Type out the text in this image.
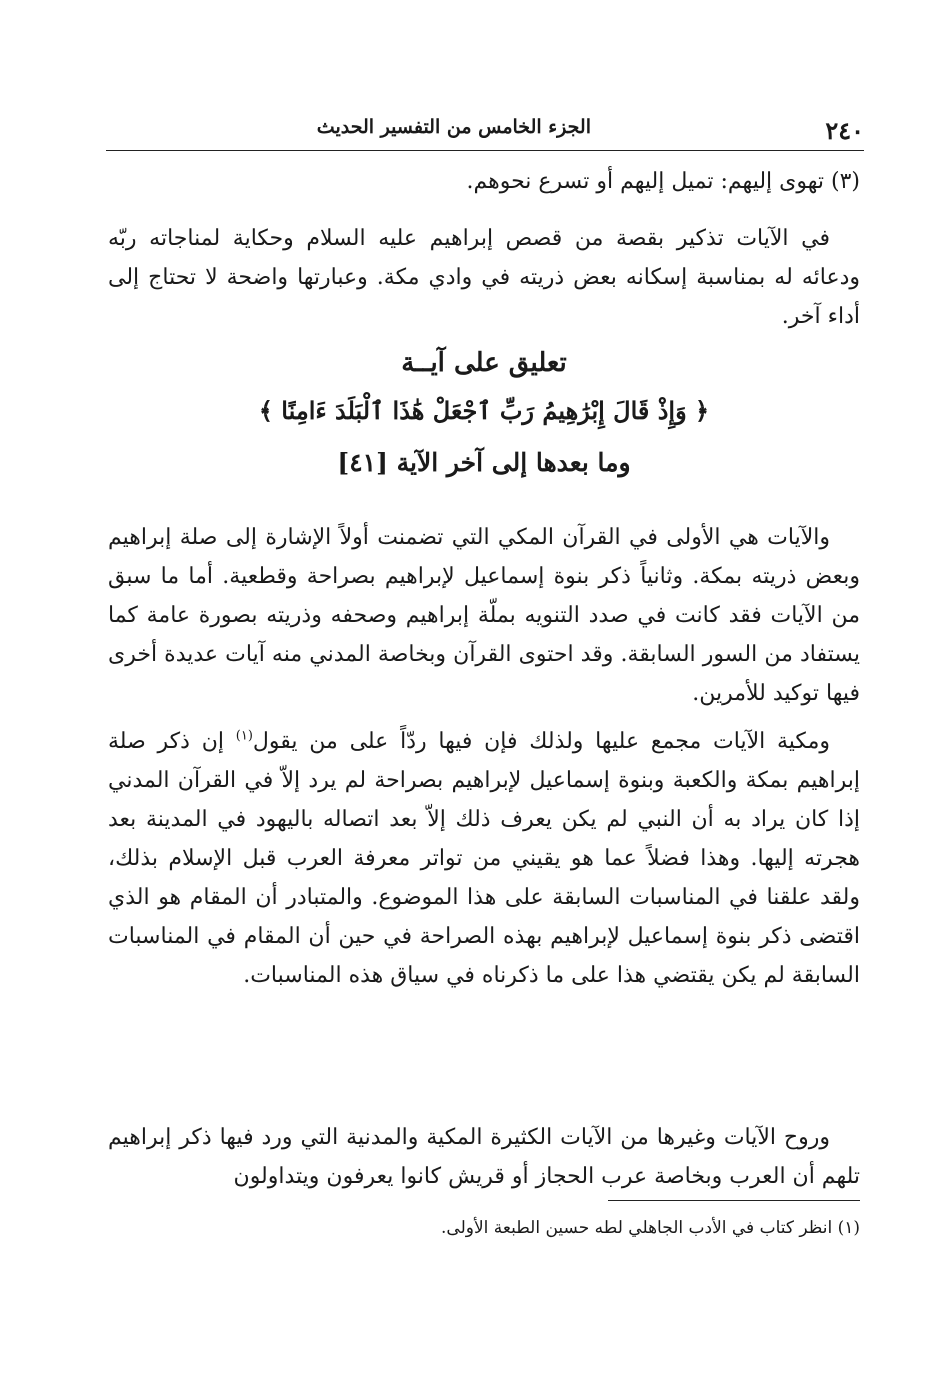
٢٤٠
الجزء الخامس من التفسير الحديث
(٣) تهوى إليهم: تميل إليهم أو تسرع نحوهم.
في الآيات تذكير بقصة من قصص إبراهيم عليه السلام وحكاية لمناجاته ربّه ودعائه له بمناسبة إسكانه بعض ذريته في وادي مكة. وعبارتها واضحة لا تحتاج إلى أداء آخر.
تعليق على آيــة
﴿ وَإِذْ قَالَ إِبْرَٰهِيمُ رَبِّ ٱجْعَلْ هَٰذَا ٱلْبَلَدَ ءَامِنًا ﴾
وما بعدها إلى آخر الآية [٤١]
والآيات هي الأولى في القرآن المكي التي تضمنت أولاً الإشارة إلى صلة إبراهيم وبعض ذريته بمكة. وثانياً ذكر بنوة إسماعيل لإبراهيم بصراحة وقطعية. أما ما سبق من الآيات فقد كانت في صدد التنويه بملّة إبراهيم وصحفه وذريته بصورة عامة كما يستفاد من السور السابقة. وقد احتوى القرآن وبخاصة المدني منه آيات عديدة أخرى فيها توكيد للأمرين.
ومكية الآيات مجمع عليها ولذلك فإن فيها ردّاً على من يقول$^{(١)}$ إن ذكر صلة إبراهيم بمكة والكعبة وبنوة إسماعيل لإبراهيم بصراحة لم يرد إلاّ في القرآن المدني إذا كان يراد به أن النبي لم يكن يعرف ذلك إلاّ بعد اتصاله باليهود في المدينة بعد هجرته إليها. وهذا فضلاً عما هو يقيني من تواتر معرفة العرب قبل الإسلام بذلك، ولقد علقنا في المناسبات السابقة على هذا الموضوع. والمتبادر أن المقام هو الذي اقتضى ذكر بنوة إسماعيل لإبراهيم بهذه الصراحة في حين أن المقام في المناسبات السابقة لم يكن يقتضي هذا على ما ذكرناه في سياق هذه المناسبات.
وروح الآيات وغيرها من الآيات الكثيرة المكية والمدنية التي ورد فيها ذكر إبراهيم تلهم أن العرب وبخاصة عرب الحجاز أو قريش كانوا يعرفون ويتداولون
(١) انظر كتاب في الأدب الجاهلي لطه حسين الطبعة الأولى.
